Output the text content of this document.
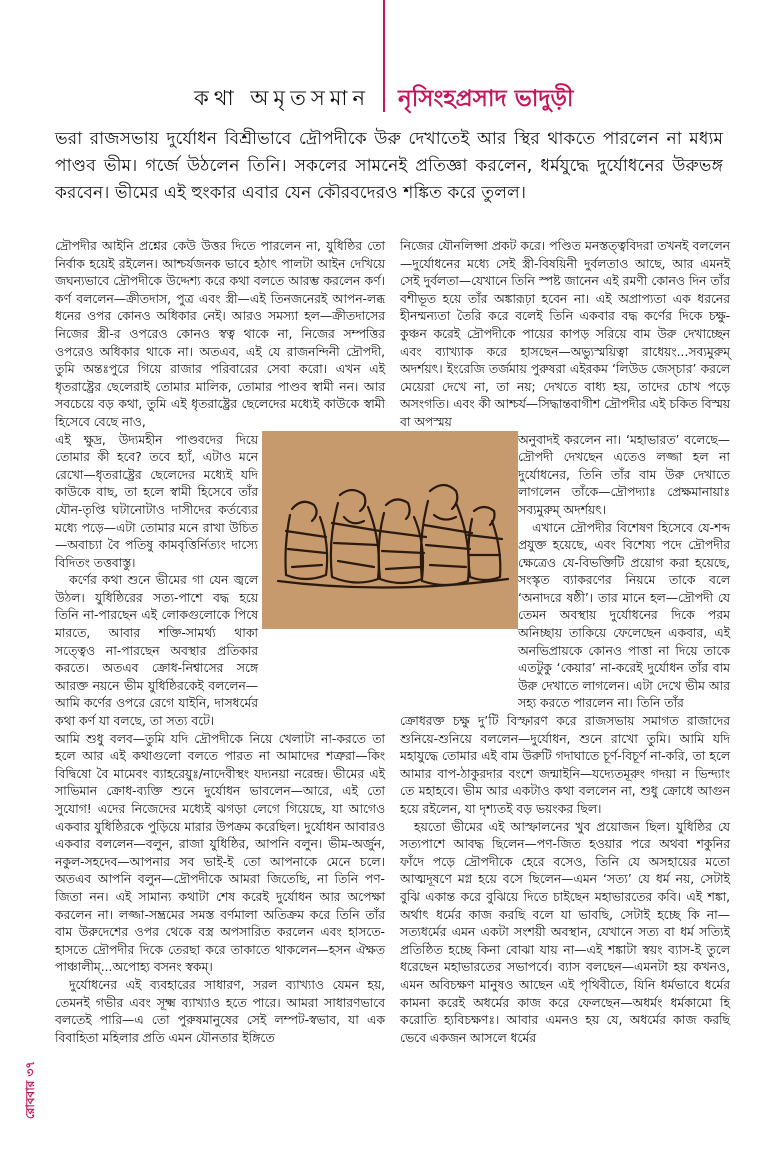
কথা অমৃতসমান নৃসিংহপ্রসাদ ভাদুড়ী
ভরা রাজসভায় দুর্যোধন বিশ্রীভাবে দ্রৌপদীকে উরু দেখাতেই আর স্থির থাকতে পারলেন না মধ্যম পাণ্ডব ভীম। গর্জে উঠলেন তিনি। সকলের সামনেই প্রতিজ্ঞা করলেন, ধর্মযুদ্ধে দুর্যোধনের উরুভঙ্গ করবেন। ভীমের এই হুংকার এবার যেন কৌরবদেরও শঙ্কিত করে তুলল।

দ্রৌপদীর আইনি প্রশ্নের কেউ উত্তর দিতে পারলেন না, যুধিষ্ঠির তো নির্বাক হয়েই রইলেন। আশ্চর্যজনক ভাবে হঠাৎ পালটা আইন দেখিয়ে জঘন্যভাবে দ্রৌপদীকে উদ্দেশ্য করে কথা বলতে আরম্ভ করলেন কর্ণ। কর্ণ বললেন—ক্রীতদাস, পুত্র এবং স্ত্রী—এই তিনজনেরই আপন-লব্ধ ধনের ওপর কোনও অধিকার নেই। আরও সমস্যা হল—ক্রীতদাসের নিজের স্ত্রী-র ওপরেও কোনও স্বত্ব থাকে না, নিজের সম্পত্তির ওপরেও অধিকার থাকে না। অতএব, এই যে রাজনন্দিনী দ্রৌপদী, তুমি অন্তঃপুরে গিয়ে রাজার পরিবারের সেবা করো। এখন এই ধৃতরাষ্ট্রের ছেলেরাই তোমার মালিক, তোমার পাণ্ডব স্বামী নন। আর সবচেয়ে বড় কথা, তুমি এই ধৃতরাষ্ট্রের ছেলেদের মধ্যেই কাউকে স্বামী হিসেবে বেছে নাও,

এই ক্ষুদ্র, উদ্যমহীন পাণ্ডবদের দিয়ে তোমার কী হবে? তবে হ্যাঁ, এটাও মনে রেখো—ধৃতরাষ্ট্রের ছেলেদের মধ্যেই যদি কাউকে বাছ, তা হলে স্বামী হিসেবে তাঁর যৌন-তৃপ্তি ঘটানোটাও দাসীদের কর্তব্যের মধ্যে পড়ে—এটা তোমার মনে রাখা উচিত—অবাচ্যা বৈ পতিষু কামবৃত্তির্নিত্যং দাস্যে বিদিতং তত্তবাস্তু।
কর্ণের কথা শুনে ভীমের গা যেন জ্বলে উঠল। যুধিষ্ঠিরের সত্য-পাশে বদ্ধ হয়ে তিনি না-পারছেন এই লোকগুলোকে পিষে মারতে, আবার শক্তি-সামর্থ্য থাকা সত্ত্বেও না-পারছেন অবস্থার প্রতিকার করতে। অতএব ক্রোধ-নিশ্বাসের সঙ্গে আরক্ত নয়নে ভীম যুধিষ্ঠিরকেই বললেন—আমি কর্ণের ওপরে রেগে যাইনি, দাসধর্মের কথা কর্ণ যা বলছে, তা সত্য বটে।

আমি শুধু বলব—তুমি যদি দ্রৌপদীকে নিয়ে খেলাটা না-করতে তা হলে আর এই কথাগুলো বলতে পারত না আমাদের শত্রুরা—কিং বিদ্বিষো বৈ মামেবং ব্যাহরেয়ুঃ/নাদেবীস্থং যদ্যনয়া নরেন্দ্র। ভীমের এই সাভিমান ক্রোধ-ব্যক্তি শুনে দুর্যোধন ভাবলেন—আরে, এই তো সুযোগ! এদের নিজেদের মধ্যেই ঝগড়া লেগে গিয়েছে, যা আগেও একবার যুধিষ্ঠিরকে পুড়িয়ে মারার উপক্রম করেছিল। দুর্যোধন আবারও একবার বললেন—বলুন, রাজা যুধিষ্ঠির, আপনি বলুন। ভীম-অর্জুন, নকুল-সহদেব—আপনার সব ভাই-ই তো আপনাকে মেনে চলে। অতএব আপনি বলুন—দ্রৌপদীকে আমরা জিতেছি, না তিনি পণ-জিতা নন। এই সামান্য কথাটা শেষ করেই দুর্যোধন আর অপেক্ষা করলেন না। লজ্জা-সম্ভ্রমের সমস্ত বর্ণমালা অতিক্রম করে তিনি তাঁর বাম উরুদেশের ওপর থেকে বস্ত্র অপসারিত করলেন এবং হাসতে-হাসতে দ্রৌপদীর দিকে তেরছা করে তাকাতে থাকলেন—হসন ঐক্ষত পাঞ্চালীম্‌...অপোহ্য বসনং স্বকম্‌।

দুর্যোধনের এই ব্যবহারের সাধারণ, সরল ব্যাখ্যাও যেমন হয়, তেমনই গভীর এবং সূক্ষ্ম ব্যাখ্যাও হতে পারে। আমরা সাধারণভাবে বলতেই পারি—এ তো পুরুষমানুষের সেই লম্পট-স্বভাব, যা এক বিবাহিতা মহিলার প্রতি এমন যৌনতার ইঙ্গিতে

নিজের যৌনলিপ্সা প্রকট করে। পণ্ডিত মনস্তত্ত্ববিদরা তখনই বললেন—দুর্যোধনের মধ্যে সেই স্ত্রী-বিষয়িনী দুর্বলতাও আছে, আর এমনই সেই দুর্বলতা—যেখানে তিনি স্পষ্ট জানেন এই রমণী কোনও দিন তাঁর বশীভূত হয়ে তাঁর অঙ্কারূঢ়া হবেন না। এই অপ্রাপ্যতা এক ধরনের হীনম্মন্যতা তৈরি করে বলেই তিনি একবার বদ্ধ কর্ণের দিকে চক্ষু-কুঞ্চন করেই দ্রৌপদীকে পায়ের কাপড় সরিয়ে বাম উরু দেখাচ্ছেন এবং ব্যাখ্যাক করে হাসছেন—অভ্যুস্ময়িত্বা রাধেয়ং...সব্যমুরুম্ অদর্শয়ৎ। ইংরেজি তর্জমায় পুরুষরা এইরকম ‘লিউড জেস্‌চার’ করলে মেয়েরা দেখে না, তা নয়; দেখতে বাধ্য হয়, তাদের চোখ পড়ে অসংগতি। এবং কী আশ্চর্য—সিদ্ধান্তবাগীশ দ্রৌপদীর এই চকিত বিস্ময় বা অপস্ময়

অনুবাদই করলেন না। ‘মহাভারত’ বলেছে—দ্রৌপদী দেখছেন এতেও লজ্জা হল না দুর্যোধনের, তিনি তাঁর বাম উরু দেখাতে লাগলেন তাঁকে—দ্রৌপদ্যাঃ প্রেক্ষমানায়াঃ সব্যমুরুম্ অদর্শয়ৎ।
এখানে দ্রৌপদীর বিশেষণ হিসেবে যে-শব্দ প্রযুক্ত হয়েছে, এবং বিশেষ্য পদে দ্রৌপদীর ক্ষেত্রেও যে-বিভক্তিটি প্রয়োগ করা হয়েছে, সংস্কৃত ব্যাকরণের নিয়মে তাকে বলে ‘অনাদরে ষষ্ঠী’। তার মানে হল—দ্রৌপদী যে তেমন অবস্থায় দুর্যোধনের দিকে পরম অনিচ্ছায় তাকিয়ে ফেলেছেন একবার, এই অনভিপ্রায়কে কোনও পাত্তা না দিয়ে তাকে এতটুকু ‘কেয়ার’ না-করেই দুর্যোধন তাঁর বাম উরু দেখাতে লাগলেন। এটা দেখে ভীম আর সহ্য করতে পারলেন না। তিনি তাঁর

ক্রোধরক্ত চক্ষু দু’টি বিস্ফারণ করে রাজসভায় সমাগত রাজাদের শুনিয়ে-শুনিয়ে বললেন—দুর্যোধন, শুনে রাখো তুমি। আমি যদি মহাযুদ্ধে তোমার এই বাম উরুটি গদাঘাতে চূর্ণ-বিচূর্ণ না-করি, তা হলে আমার বাপ-ঠাকুরদার বংশে জন্মাইনি—যদ্যেতমূরুং গদয়া ন ভিন্দ্যাং তে মহাহবে। ভীম আর একটাও কথা বললেন না, শুধু ক্রোধে আগুন হয়ে রইলেন, যা দৃশ্যতই বড় ভয়ংকর ছিল।

হয়তো ভীমের এই আস্ফালনের খুব প্রয়োজন ছিল। যুধিষ্ঠির যে সত্যপাশে আবদ্ধ ছিলেন—পণ-জিত হওয়ার পরে অথবা শকুনির ফাঁদে পড়ে দ্রৌপদীকে হেরে বসেও, তিনি যে অসহায়ের মতো আত্মদূষণে মগ্ন হয়ে বসে ছিলেন—এমন ‘সত্য’ যে ধর্ম নয়, সেটাই বুঝি একান্ত করে বুঝিয়ে দিতে চাইছেন মহাভারতের কবি। এই শঙ্কা, অর্থাৎ ধর্মের কাজ করছি বলে যা ভাবছি, সেটাই হচ্ছে কি না—সত্যধর্মের এমন একটা সংশয়ী অবস্থান, যেখানে সত্য বা ধর্ম সত্যিই প্রতিষ্ঠিত হচ্ছে কিনা বোঝা যায় না—এই শঙ্কাটা স্বয়ং ব্যাস-ই তুলে ধরেছেন মহাভারতের সভাপর্বে। ব্যাস বলছেন—এমনটা হয় কখনও, এমন অবিচক্ষণ মানুষও আছেন এই পৃথিবীতে, যিনি ধর্মভাবে ধর্মের কামনা করেই অধর্মের কাজ করে ফেলছেন—অধর্মং ধর্মকামো হি করোতি হ্যবিচক্ষণঃ। আবার এমনও হয় যে, অধর্মের কাজ করছি ভেবে একজন আসলে ধর্মের

রোববার ৩৭
